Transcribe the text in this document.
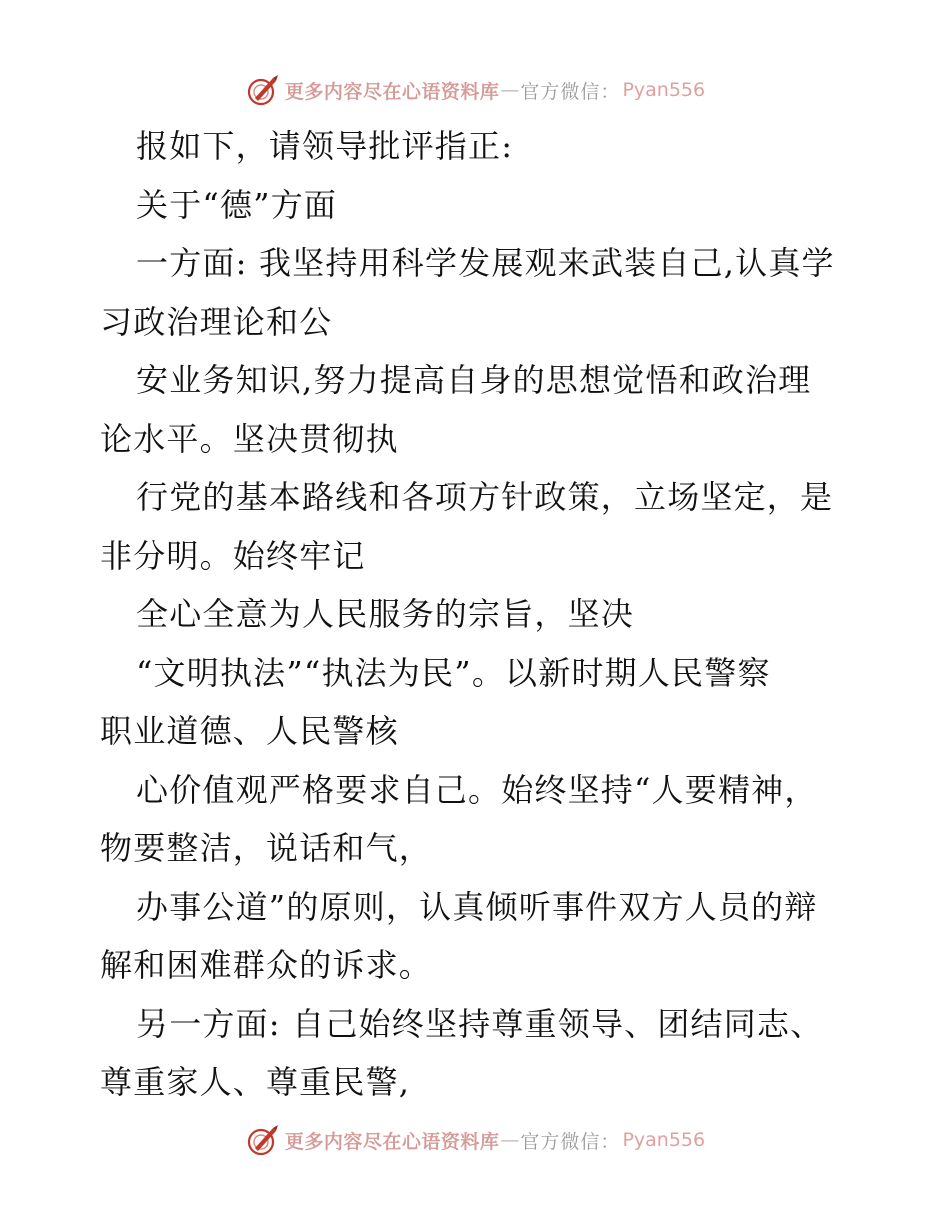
更多内容尽在心语资料库 — 官方微信： Pyan556
报如下，请领导批评指正:
关于“德”方面
一方面: 我坚持用科学发展观来武装自己,认真学
习政治理论和公
安业务知识,努力提高自身的思想觉悟和政治理
论水平。坚决贯彻执
行党的基本路线和各项方针政策，立场坚定，是
非分明。始终牢记
全心全意为人民服务的宗旨，坚决
“文明执法”“执法为民”。以新时期人民警察
职业道德、人民警核
心价值观严格要求自己。始终坚持“人要精神，
物要整洁，说话和气，
办事公道”的原则，认真倾听事件双方人员的辩
解和困难群众的诉求。
另一方面: 自己始终坚持尊重领导、团结同志、
尊重家人、尊重民警,
更多内容尽在心语资料库 — 官方微信： Pyan556
